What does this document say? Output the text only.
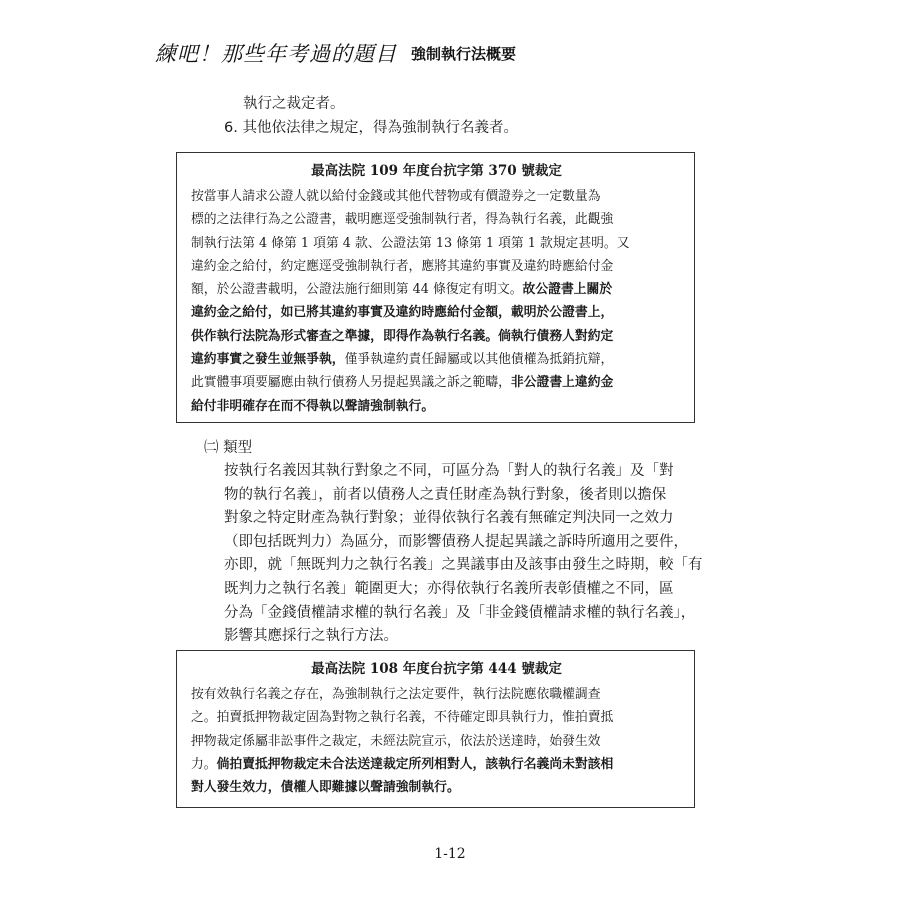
練吧！那些年考過的題目 強制執行法概要
執行之裁定者。
6. 其他依法律之規定，得為強制執行名義者。
最高法院 109 年度台抗字第 370 號裁定
按當事人請求公證人就以給付金錢或其他代替物或有價證券之一定數量為
標的之法律行為之公證書，載明應逕受強制執行者，得為執行名義，此觀強
制執行法第 4 條第 1 項第 4 款、公證法第 13 條第 1 項第 1 款規定甚明。又
違約金之給付，約定應逕受強制執行者，應將其違約事實及違約時應給付金
額，於公證書載明，公證法施行細則第 44 條復定有明文。故公證書上關於
違約金之給付，如已將其違約事實及違約時應給付金額，載明於公證書上，
供作執行法院為形式審查之準據，即得作為執行名義。倘執行債務人對約定
違約事實之發生並無爭執，僅爭執違約責任歸屬或以其他債權為抵銷抗辯，
此實體事項要屬應由執行債務人另提起異議之訴之範疇，非公證書上違約金
給付非明確存在而不得執以聲請強制執行。
㈡ 類型
按執行名義因其執行對象之不同，可區分為「對人的執行名義」及「對
物的執行名義」，前者以債務人之責任財產為執行對象，後者則以擔保
對象之特定財產為執行對象；並得依執行名義有無確定判決同一之效力
（即包括既判力）為區分，而影響債務人提起異議之訴時所適用之要件，
亦即，就「無既判力之執行名義」之異議事由及該事由發生之時期，較「有
既判力之執行名義」範圍更大；亦得依執行名義所表彰債權之不同，區
分為「金錢債權請求權的執行名義」及「非金錢債權請求權的執行名義」，
影響其應採行之執行方法。
最高法院 108 年度台抗字第 444 號裁定
按有效執行名義之存在，為強制執行之法定要件，執行法院應依職權調查
之。拍賣抵押物裁定固為對物之執行名義，不待確定即具執行力，惟拍賣抵
押物裁定係屬非訟事件之裁定，未經法院宣示，依法於送達時，始發生效
力。倘拍賣抵押物裁定未合法送達裁定所列相對人，該執行名義尚未對該相
對人發生效力，債權人即難據以聲請強制執行。
1-12
